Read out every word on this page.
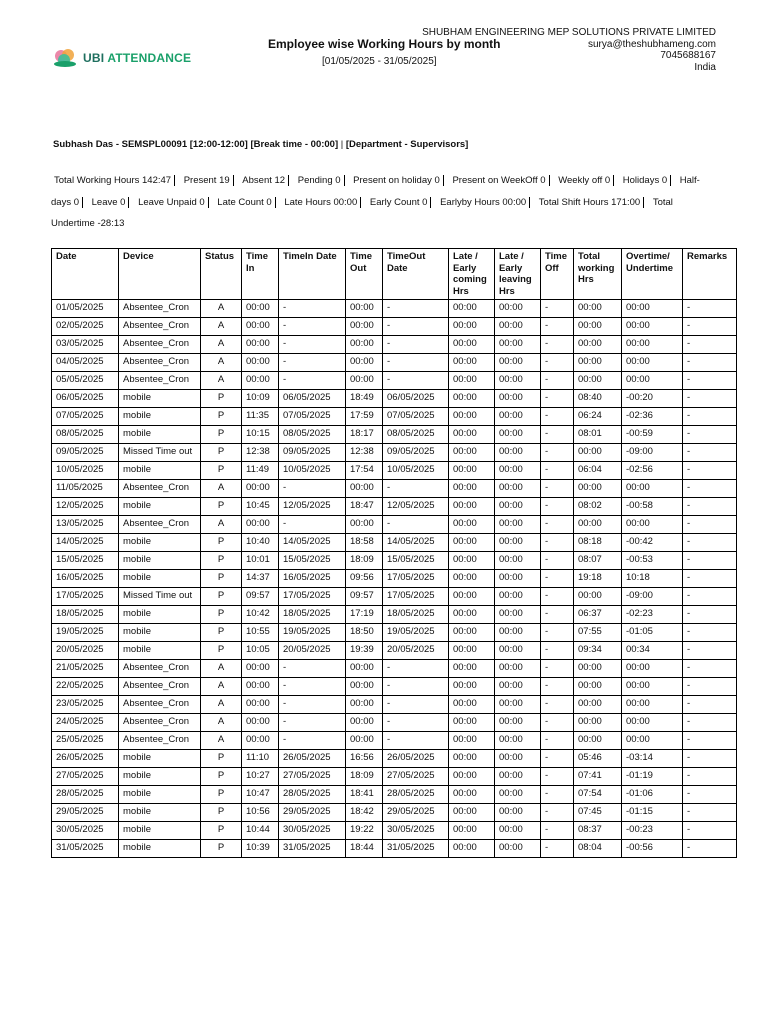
UBI ATTENDANCE
Employee wise Working Hours by month
[01/05/2025 - 31/05/2025]
SHUBHAM ENGINEERING MEP SOLUTIONS PRIVATE LIMITED
surya@theshubhameng.com
7045688167
India
Subhash Das - SEMSPL00091 [12:00-12:00] [Break time - 00:00] | [Department - Supervisors]
Total Working Hours 142:47 Present 19 Absent 12 Pending 0 Present on holiday 0 Present on WeekOff 0 Weekly off 0 Holidays 0 Half-days 0 Leave 0 Leave Unpaid 0 Late Count 0 Late Hours 00:00 Early Count 0 Earlyby Hours 00:00 Total Shift Hours 171:00 Total Undertime -28:13
Date	Device	Status	Time In	TimeIn Date	Time Out	TimeOut Date	Late / Early coming Hrs	Late / Early leaving Hrs	Time Off	Total working Hrs	Overtime/ Undertime	Remarks
01/05/2025	Absentee_Cron	A	00:00	-	00:00	-	00:00	00:00	-	00:00	00:00	-
02/05/2025	Absentee_Cron	A	00:00	-	00:00	-	00:00	00:00	-	00:00	00:00	-
03/05/2025	Absentee_Cron	A	00:00	-	00:00	-	00:00	00:00	-	00:00	00:00	-
04/05/2025	Absentee_Cron	A	00:00	-	00:00	-	00:00	00:00	-	00:00	00:00	-
05/05/2025	Absentee_Cron	A	00:00	-	00:00	-	00:00	00:00	-	00:00	00:00	-
06/05/2025	mobile	P	10:09	06/05/2025	18:49	06/05/2025	00:00	00:00	-	08:40	-00:20	-
07/05/2025	mobile	P	11:35	07/05/2025	17:59	07/05/2025	00:00	00:00	-	06:24	-02:36	-
08/05/2025	mobile	P	10:15	08/05/2025	18:17	08/05/2025	00:00	00:00	-	08:01	-00:59	-
09/05/2025	Missed Time out	P	12:38	09/05/2025	12:38	09/05/2025	00:00	00:00	-	00:00	-09:00	-
10/05/2025	mobile	P	11:49	10/05/2025	17:54	10/05/2025	00:00	00:00	-	06:04	-02:56	-
11/05/2025	Absentee_Cron	A	00:00	-	00:00	-	00:00	00:00	-	00:00	00:00	-
12/05/2025	mobile	P	10:45	12/05/2025	18:47	12/05/2025	00:00	00:00	-	08:02	-00:58	-
13/05/2025	Absentee_Cron	A	00:00	-	00:00	-	00:00	00:00	-	00:00	00:00	-
14/05/2025	mobile	P	10:40	14/05/2025	18:58	14/05/2025	00:00	00:00	-	08:18	-00:42	-
15/05/2025	mobile	P	10:01	15/05/2025	18:09	15/05/2025	00:00	00:00	-	08:07	-00:53	-
16/05/2025	mobile	P	14:37	16/05/2025	09:56	17/05/2025	00:00	00:00	-	19:18	10:18	-
17/05/2025	Missed Time out	P	09:57	17/05/2025	09:57	17/05/2025	00:00	00:00	-	00:00	-09:00	-
18/05/2025	mobile	P	10:42	18/05/2025	17:19	18/05/2025	00:00	00:00	-	06:37	-02:23	-
19/05/2025	mobile	P	10:55	19/05/2025	18:50	19/05/2025	00:00	00:00	-	07:55	-01:05	-
20/05/2025	mobile	P	10:05	20/05/2025	19:39	20/05/2025	00:00	00:00	-	09:34	00:34	-
21/05/2025	Absentee_Cron	A	00:00	-	00:00	-	00:00	00:00	-	00:00	00:00	-
22/05/2025	Absentee_Cron	A	00:00	-	00:00	-	00:00	00:00	-	00:00	00:00	-
23/05/2025	Absentee_Cron	A	00:00	-	00:00	-	00:00	00:00	-	00:00	00:00	-
24/05/2025	Absentee_Cron	A	00:00	-	00:00	-	00:00	00:00	-	00:00	00:00	-
25/05/2025	Absentee_Cron	A	00:00	-	00:00	-	00:00	00:00	-	00:00	00:00	-
26/05/2025	mobile	P	11:10	26/05/2025	16:56	26/05/2025	00:00	00:00	-	05:46	-03:14	-
27/05/2025	mobile	P	10:27	27/05/2025	18:09	27/05/2025	00:00	00:00	-	07:41	-01:19	-
28/05/2025	mobile	P	10:47	28/05/2025	18:41	28/05/2025	00:00	00:00	-	07:54	-01:06	-
29/05/2025	mobile	P	10:56	29/05/2025	18:42	29/05/2025	00:00	00:00	-	07:45	-01:15	-
30/05/2025	mobile	P	10:44	30/05/2025	19:22	30/05/2025	00:00	00:00	-	08:37	-00:23	-
31/05/2025	mobile	P	10:39	31/05/2025	18:44	31/05/2025	00:00	00:00	-	08:04	-00:56	-
